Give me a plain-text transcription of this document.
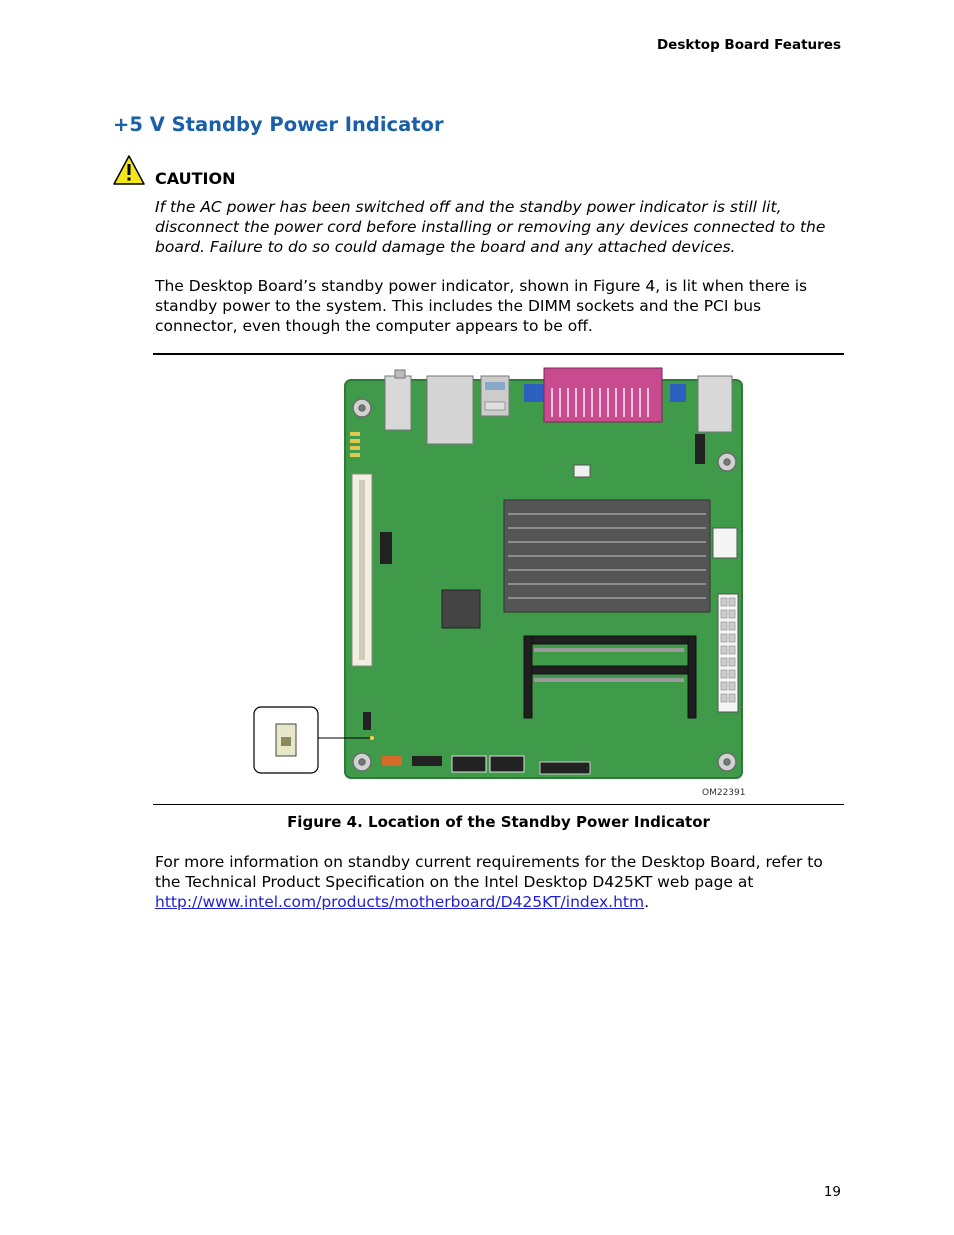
Desktop Board Features
+5 V Standby Power Indicator
CAUTION

If the AC power has been switched off and the standby power indicator is still lit, disconnect the power cord before installing or removing any devices connected to the board. Failure to do so could damage the board and any attached devices.

The Desktop Board’s standby power indicator, shown in Figure 4, is lit when there is standby power to the system. This includes the DIMM sockets and the PCI bus connector, even though the computer appears to be off.

OM22391
Figure 4. Location of the Standby Power Indicator

For more information on standby current requirements for the Desktop Board, refer to the Technical Product Specification on the Intel Desktop D425KT web page at http://www.intel.com/products/motherboard/D425KT/index.htm.

19
